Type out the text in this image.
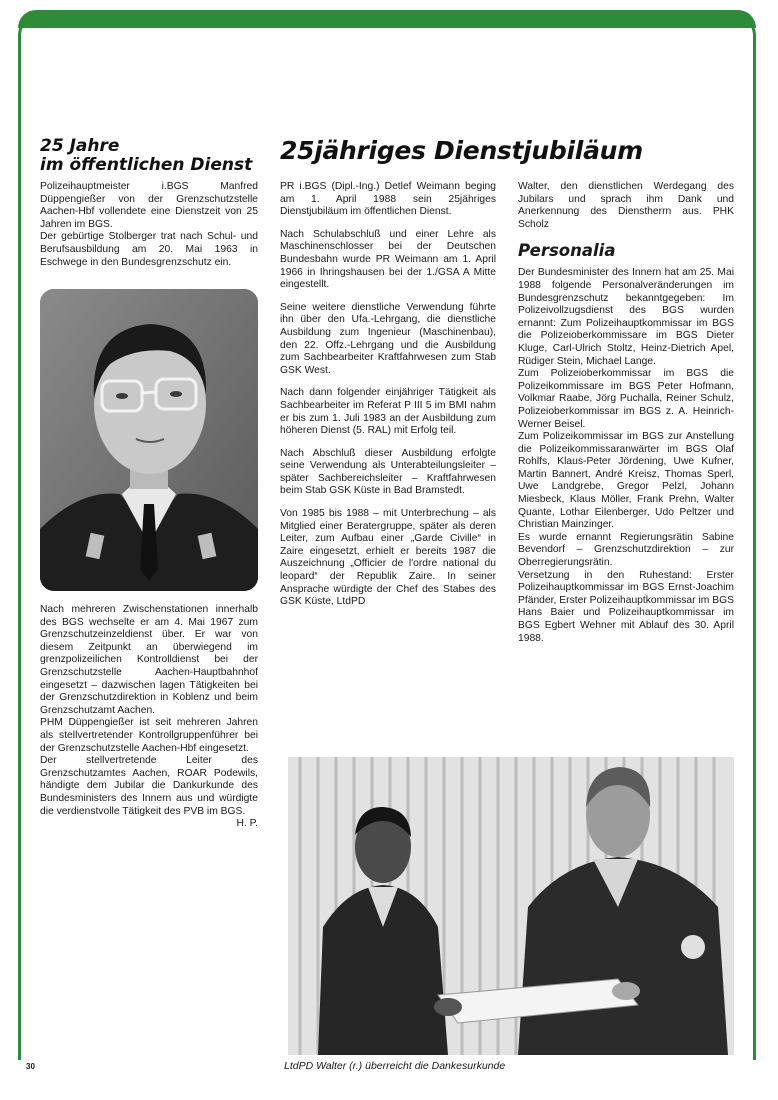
25 Jahre
im öffentlichen Dienst	25jähriges Dienstjubiläum

Polizeihauptmeister i.BGS Manfred Düppengießer von der Grenzschutzstelle Aachen-Hbf vollendete eine Dienstzeit von 25 Jahren im BGS.

Der gebürtige Stolberger trat nach Schul- und Berufsausbildung am 20. Mai 1963 in Eschwege in den Bundesgrenzschutz ein.

Nach mehreren Zwischenstationen innerhalb des BGS wechselte er am 4. Mai 1967 zum Grenzschutzeinzeldienst über. Er war von diesem Zeitpunkt an überwiegend im grenzpolizeilichen Kontrolldienst bei der Grenzschutzstelle Aachen-Hauptbahnhof eingesetzt – dazwischen lagen Tätigkeiten bei der Grenzschutzdirektion in Koblenz und beim Grenzschutzamt Aachen.

PHM Düppengießer ist seit mehreren Jahren als stellvertretender Kontrollgruppenführer bei der Grenzschutzstelle Aachen-Hbf eingesetzt.

Der stellvertretende Leiter des Grenzschutzamtes Aachen, ROAR Podewils, händigte dem Jubilar die Dankurkunde des Bundesministers des Innern aus und würdigte die verdienstvolle Tätigkeit des PVB im BGS.

H. P.

PR i.BGS (Dipl.-Ing.) Detlef Weimann beging am 1. April 1988 sein 25jähriges Dienstjubiläum im öffentlichen Dienst.

Nach Schulabschluß und einer Lehre als Maschinenschlosser bei der Deutschen Bundesbahn wurde PR Weimann am 1. April 1966 in Ihringshausen bei der 1./GSA A Mitte eingestellt.

Seine weitere dienstliche Verwendung führte ihn über den Ufa.-Lehrgang, die dienstliche Ausbildung zum Ingenieur (Maschinenbau), den 22. Offz.-Lehrgang und die Ausbildung zum Sachbearbeiter Kraftfahrwesen zum Stab GSK West.

Nach dann folgender einjähriger Tätigkeit als Sachbearbeiter im Referat P III 5 im BMI nahm er bis zum 1. Juli 1983 an der Ausbildung zum höheren Dienst (5. RAL) mit Erfolg teil.

Nach Abschluß dieser Ausbildung erfolgte seine Verwendung als Unterabteilungsleiter – später Sachbereichsleiter – Kraftfahrwesen beim Stab GSK Küste in Bad Bramstedt.

Von 1985 bis 1988 – mit Unterbrechung – als Mitglied einer Beratergruppe, später als deren Leiter, zum Aufbau einer „Garde Civille“ in Zaire eingesetzt, erhielt er bereits 1987 die Auszeichnung „Officier de l'ordre national du leopard“ der Republik Zaire. In seiner Ansprache würdigte der Chef des Stabes des GSK Küste, LtdPD

Walter, den dienstlichen Werdegang des Jubilars und sprach ihm Dank und Anerkennung des Dienstherrn aus. PHK Scholz

Personalia

Der Bundesminister des Innern hat am 25. Mai 1988 folgende Personalveränderungen im Bundesgrenzschutz bekanntgegeben: Im Polizeivollzugsdienst des BGS wurden ernannt: Zum Polizeihauptkommissar im BGS die Polizeioberkommissare im BGS Dieter Kluge, Carl-Ulrich Stoltz, Heinz-Dietrich Apel, Rüdiger Stein, Michael Lange.

Zum Polizeioberkommissar im BGS die Polizeikommissare im BGS Peter Hofmann, Volkmar Raabe, Jörg Puchalla, Reiner Schulz, Polizeioberkommissar im BGS z. A. Heinrich-Werner Beisel.

Zum Polizeikommissar im BGS zur Anstellung die Polizeikommissaranwärter im BGS Olaf Rohlfs, Klaus-Peter Jördening, Uwe Kufner, Martin Bannert, André Kreisz, Thomas Sperl, Uwe Landgrebe, Gregor Pelzl, Johann Miesbeck, Klaus Möller, Frank Prehn, Walter Quante, Lothar Eilenberger, Udo Peltzer und Christian Mainzinger.

Es wurde ernannt Regierungsrätin Sabine Bevendorf – Grenzschutzdirektion – zur Oberregierungsrätin.

Versetzung in den Ruhestand: Erster Polizeihauptkommissar im BGS Ernst-Joachim Pfänder, Erster Polizeihauptkommissar im BGS Hans Baier und Polizeihauptkommissar im BGS Egbert Wehner mit Ablauf des 30. April 1988.

LtdPD Walter (r.) überreicht die Dankesurkunde
30
